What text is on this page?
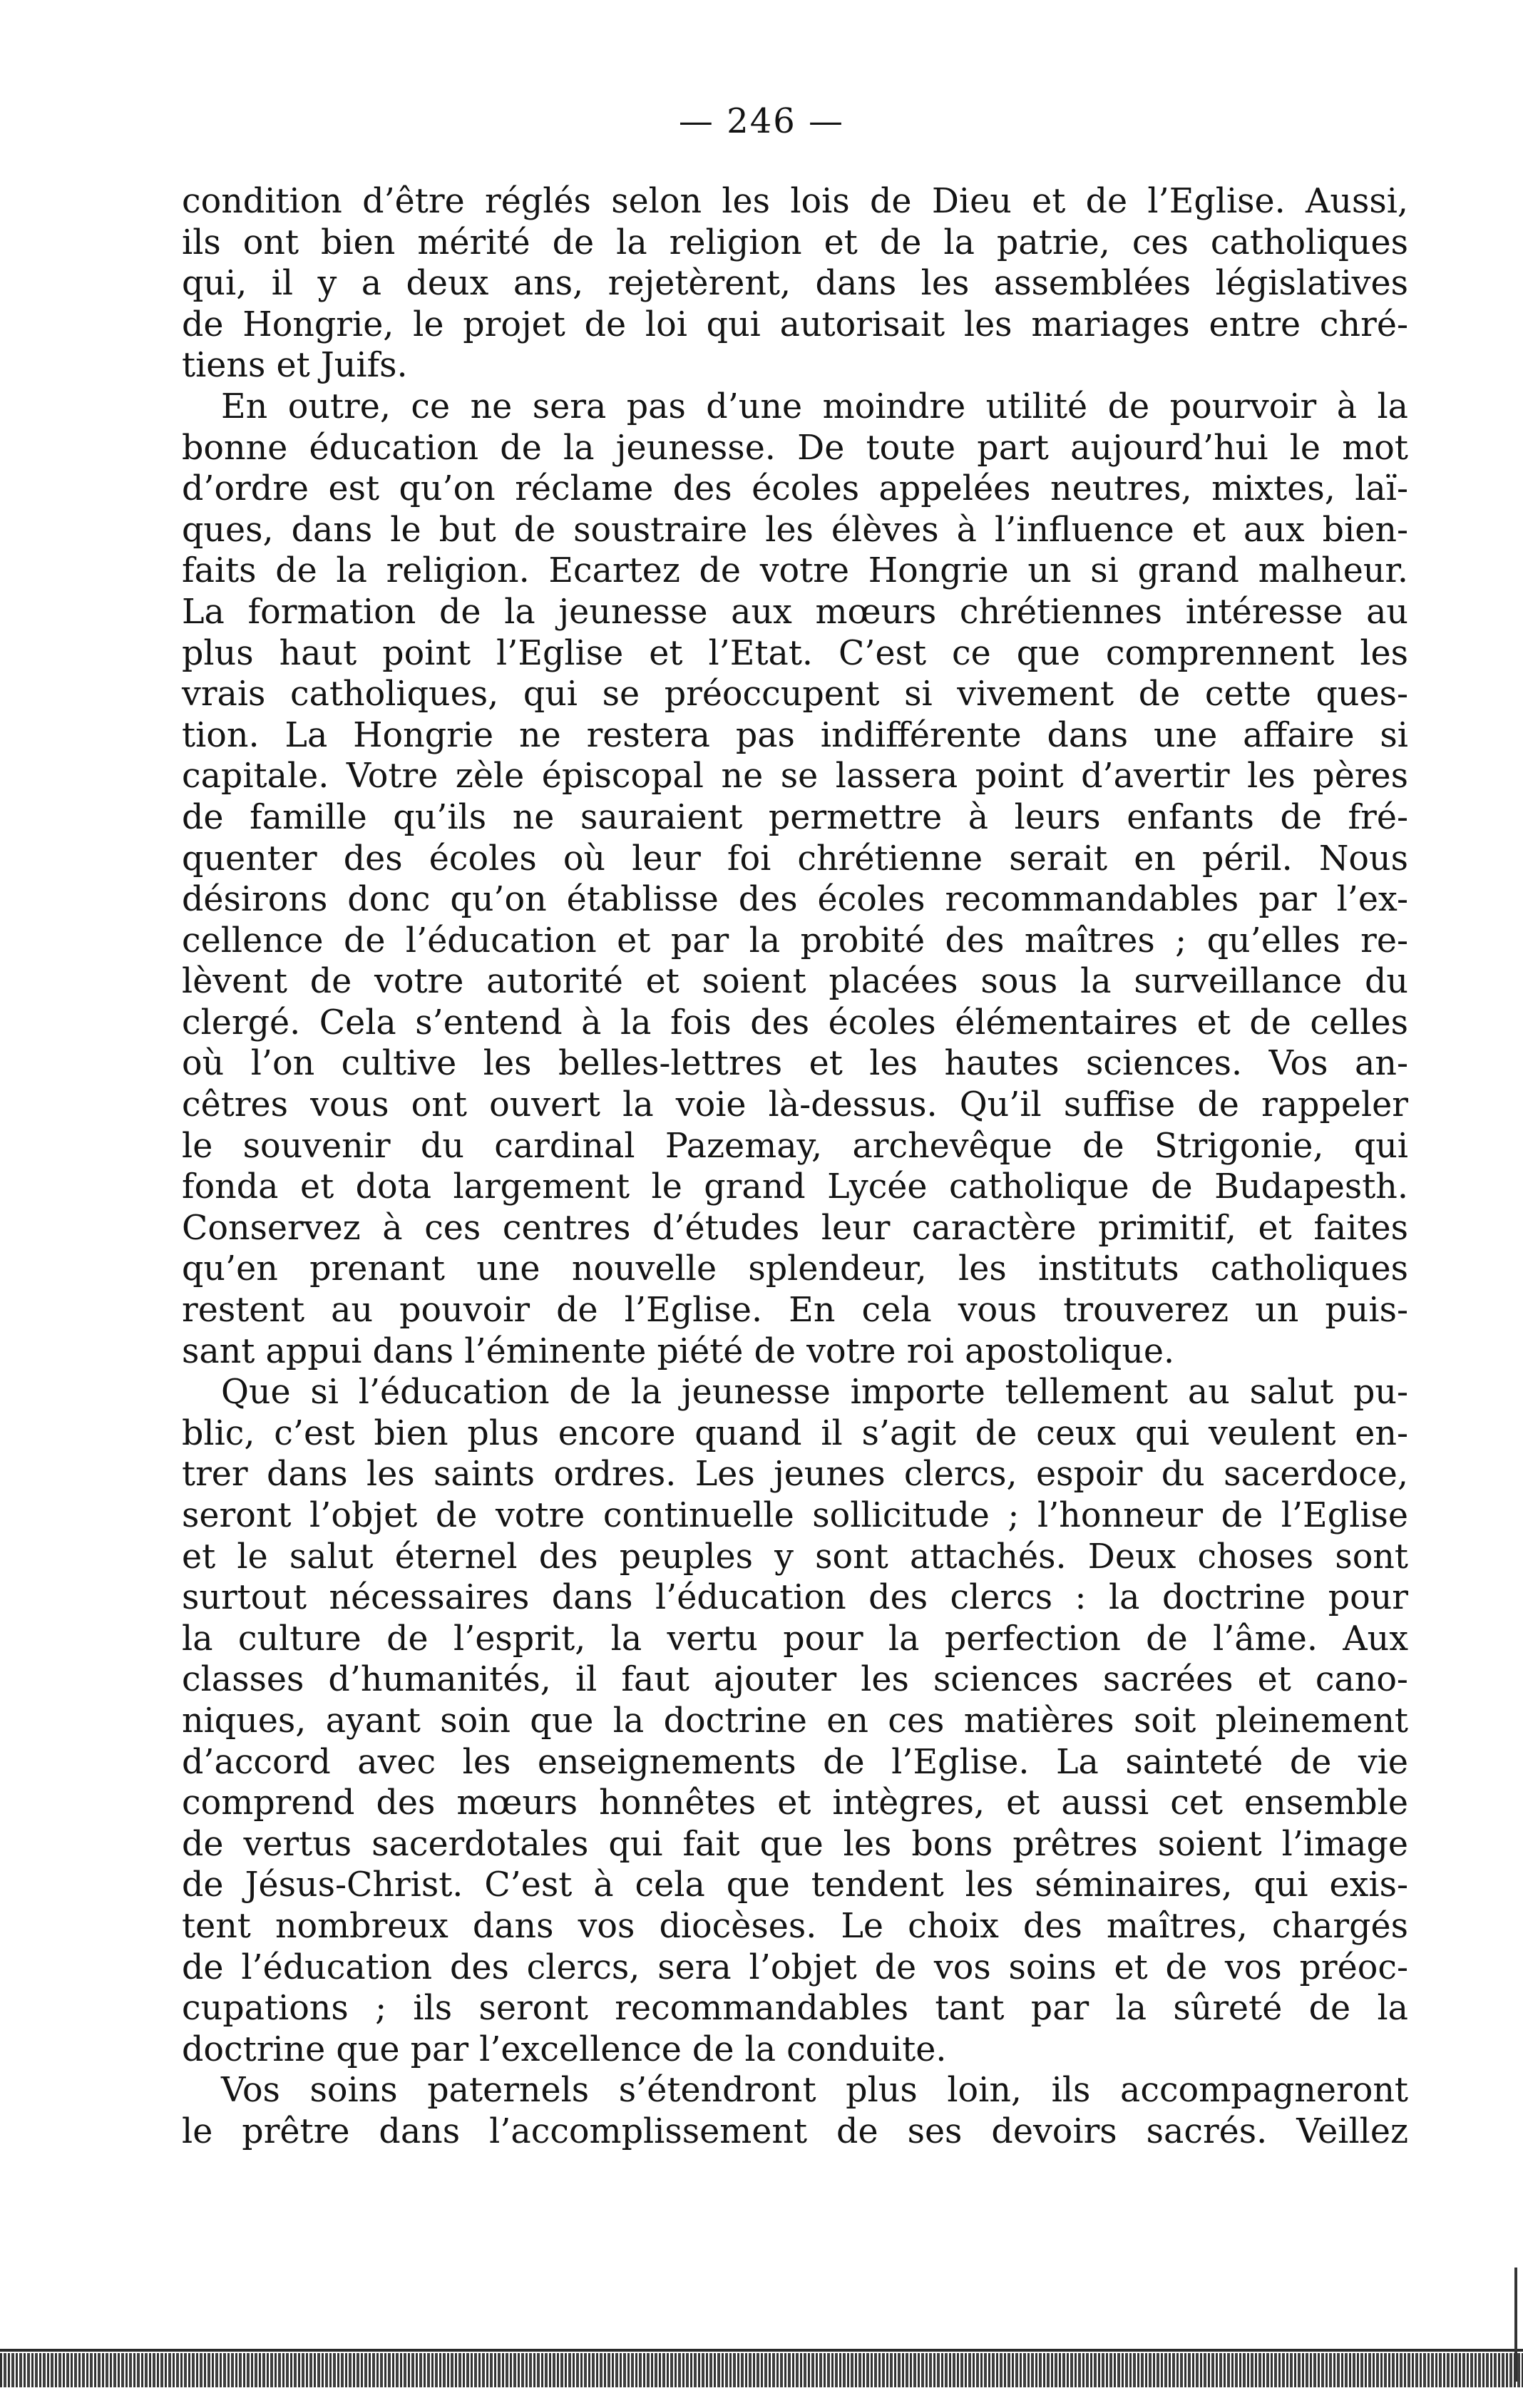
— 246 —
condition d’être réglés selon les lois de Dieu et de l’Eglise. Aussi,
ils ont bien mérité de la religion et de la patrie, ces catholiques
qui, il y a deux ans, rejetèrent, dans les assemblées législatives
de Hongrie, le projet de loi qui autorisait les mariages entre chré-
tiens et Juifs.
En outre, ce ne sera pas d’une moindre utilité de pourvoir à la
bonne éducation de la jeunesse. De toute part aujourd’hui le mot
d’ordre est qu’on réclame des écoles appelées neutres, mixtes, laï-
ques, dans le but de soustraire les élèves à l’influence et aux bien-
faits de la religion. Ecartez de votre Hongrie un si grand malheur.
La formation de la jeunesse aux mœurs chrétiennes intéresse au
plus haut point l’Eglise et l’Etat. C’est ce que comprennent les
vrais catholiques, qui se préoccupent si vivement de cette ques-
tion. La Hongrie ne restera pas indifférente dans une affaire si
capitale. Votre zèle épiscopal ne se lassera point d’avertir les pères
de famille qu’ils ne sauraient permettre à leurs enfants de fré-
quenter des écoles où leur foi chrétienne serait en péril. Nous
désirons donc qu’on établisse des écoles recommandables par l’ex-
cellence de l’éducation et par la probité des maîtres ; qu’elles re-
lèvent de votre autorité et soient placées sous la surveillance du
clergé. Cela s’entend à la fois des écoles élémentaires et de celles
où l’on cultive les belles-lettres et les hautes sciences. Vos an-
cêtres vous ont ouvert la voie là-dessus. Qu’il suffise de rappeler
le souvenir du cardinal Pazemay, archevêque de Strigonie, qui
fonda et dota largement le grand Lycée catholique de Budapesth.
Conservez à ces centres d’études leur caractère primitif, et faites
qu’en prenant une nouvelle splendeur, les instituts catholiques
restent au pouvoir de l’Eglise. En cela vous trouverez un puis-
sant appui dans l’éminente piété de votre roi apostolique.
Que si l’éducation de la jeunesse importe tellement au salut pu-
blic, c’est bien plus encore quand il s’agit de ceux qui veulent en-
trer dans les saints ordres. Les jeunes clercs, espoir du sacerdoce,
seront l’objet de votre continuelle sollicitude ; l’honneur de l’Eglise
et le salut éternel des peuples y sont attachés. Deux choses sont
surtout nécessaires dans l’éducation des clercs : la doctrine pour
la culture de l’esprit, la vertu pour la perfection de l’âme. Aux
classes d’humanités, il faut ajouter les sciences sacrées et cano-
niques, ayant soin que la doctrine en ces matières soit pleinement
d’accord avec les enseignements de l’Eglise. La sainteté de vie
comprend des mœurs honnêtes et intègres, et aussi cet ensemble
de vertus sacerdotales qui fait que les bons prêtres soient l’image
de Jésus-Christ. C’est à cela que tendent les séminaires, qui exis-
tent nombreux dans vos diocèses. Le choix des maîtres, chargés
de l’éducation des clercs, sera l’objet de vos soins et de vos préoc-
cupations ; ils seront recommandables tant par la sûreté de la
doctrine que par l’excellence de la conduite.
Vos soins paternels s’étendront plus loin, ils accompagneront
le prêtre dans l’accomplissement de ses devoirs sacrés. Veillez
